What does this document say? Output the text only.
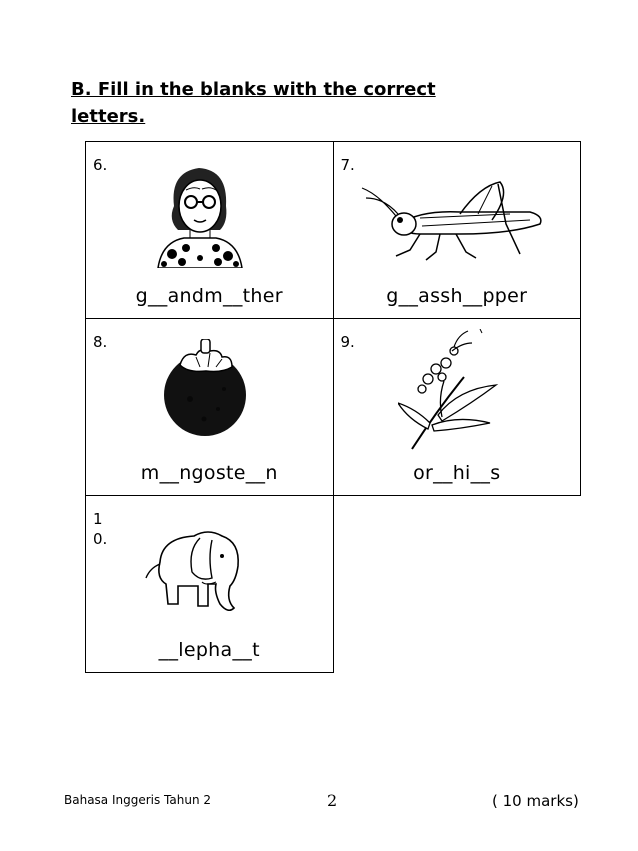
B. Fill in the blanks with the correct letters.
6.
g__andm__ther	7.
g__assh__pper

8.
m__ngoste__n	9.
or__hi__s

10.
__lepha__t	

Bahasa Inggeris Tahun 2	2	( 10 marks)
